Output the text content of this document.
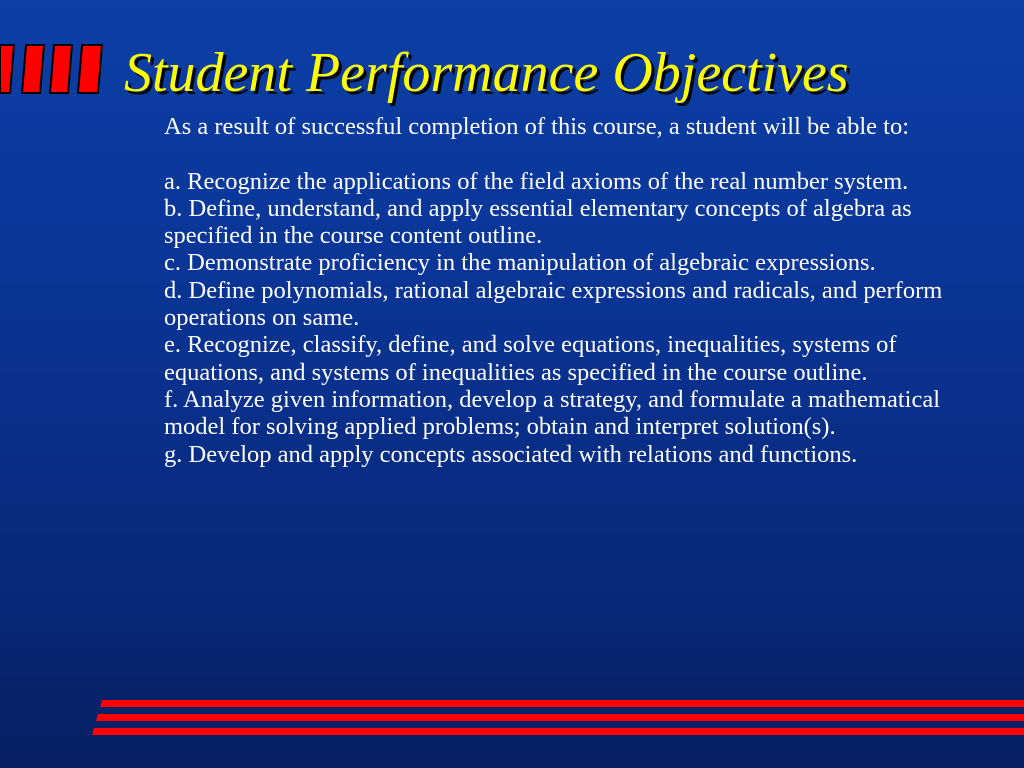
Student Performance Objectives

As a result of successful completion of this course, a student will be able to:

a. Recognize the applications of the field axioms of the real number system.

b. Define, understand, and apply essential elementary concepts of algebra as specified in the course content outline.

c. Demonstrate proficiency in the manipulation of algebraic expressions.

d. Define polynomials, rational algebraic expressions and radicals, and perform operations on same.

e. Recognize, classify, define, and solve equations, inequalities, systems of equations, and systems of inequalities as specified in the course outline.

f. Analyze given information, develop a strategy, and formulate a mathematical model for solving applied problems; obtain and interpret solution(s).

g. Develop and apply concepts associated with relations and functions.
